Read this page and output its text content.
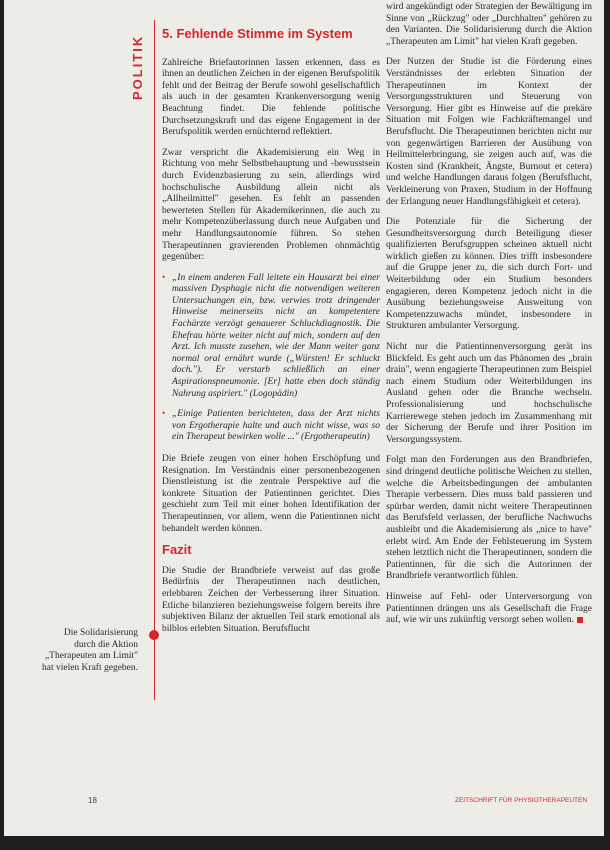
POLITIK
Die Solidarisierung durch die Aktion „Therapeuten am Limit" hat vielen Kraft gegeben.
5. Fehlende Stimme im System

Zahlreiche Briefautorinnen lassen erkennen, dass es ihnen an deutlichen Zeichen in der eigenen Berufspolitik fehlt und der Beitrag der Berufe sowohl gesellschaftlich als auch in der gesamten Krankenversorgung wenig Beachtung findet. Die fehlende politische Durchsetzungskraft und das eigene Engagement in der Berufspolitik werden ernüchternd reflektiert.

Zwar verspricht die Akademisierung ein Weg in Richtung von mehr Selbstbehauptung und -bewusstsein durch Evidenzbasierung zu sein, allerdings wird hochschulische Ausbildung allein nicht als „Allheilmittel" gesehen. Es fehlt an passenden bewerteten Stellen für Akademikerinnen, die auch zu mehr Kompetenzüberlassung durch neue Aufgaben und mehr Handlungsautonomie führen. So stehen Therapeutinnen gravierenden Problemen ohnmächtig gegenüber:

• „In einem anderen Fall leitete ein Hausarzt bei einer massiven Dysphagie nicht die notwendigen weiteren Untersuchungen ein, bzw. verwies trotz dringender Hinweise meinerseits nicht an kompetentere Fachärzte verzögt genauerer Schluckdiagnostik. Die Ehefrau hörte weiter nicht auf mich, sondern auf den Arzt. Ich musste zusehen, wie der Mann weiter ganz normal oral ernährt wurde („Würsten! Er schluckt doch."). Er verstarb schließlich an einer Aspirationspneumonie. [Er] hatte eben doch ständig Nahrung aspiriert." (Logopädin)
• „Einige Patienten berichteten, dass der Arzt nichts von Ergotherapie halte und auch nicht wisse, was so ein Therapeut bewirken wolle ..." (Ergotherapeutin)

Die Briefe zeugen von einer hohen Erschöpfung und Resignation. Im Verständnis einer personenbezogenen Dienstleistung ist die zentrale Perspektive auf die konkrete Situation der Patientinnen gerichtet. Dies geschieht zum Teil mit einer hohen Identifikation der Therapeutinnen, vor allem, wenn die Patientinnen nicht behandelt werden können.

Fazit

Die Studie der Brandbriefe verweist auf das große Bedürfnis der Therapeutinnen nach deutlichen, erlebbaren Zeichen der Verbesserung ihrer Situation. Etliche bilanzieren beziehungsweise folgern bereits ihre subjektiven Bilanz der aktuellen Teil stark emotional als bilblos erlebten Situation. Berufsflucht

wird angekündigt oder Strategien der Bewältigung im Sinne von „Rückzug" oder „Durchhalten" gehören zu den Varianten. Die Solidarisierung durch die Aktion „Therapeuten am Limit" hat vielen Kraft gegeben.

Der Nutzen der Studie ist die Förderung eines Verständnisses der erlebten Situation der Therapeutinnen im Kontext der Versorgungsstrukturen und Steuerung von Versorgung. Hier gibt es Hinweise auf die prekäre Situation mit Folgen wie Fachkräftemangel und Berufsflucht. Die Therapeutinnen berichten nicht nur von gegenwärtigen Barrieren der Ausübung von Heilmittelerbringung, sie zeigen auch auf, was die Kosten sind (Krankheit, Ängste, Burnout et cetera) und welche Handlungen daraus folgen (Berufsflucht, Verkleinerung von Praxen, Studium in der Hoffnung der Erlangung neuer Handlungsfähigkeit et cetera).

Die Potenziale für die Sicherung der Gesundheitsversorgung durch Beteiligung dieser qualifizierten Berufsgruppen scheinen aktuell nicht wirklich gießen zu können. Dies trifft insbesondere auf die Gruppe jener zu, die sich durch Fort- und Weiterbildung oder ein Studium besonders engagieren, deren Kompetenz jedoch nicht in die Ausübung beziehungsweise Ausweitung von Kompetenzzuwachs mündet, insbesondere in Strukturen ambulanter Versorgung.

Nicht nur die Patientinnenversorgung gerät ins Blickfeld. Es geht auch um das Phänomen des „brain drain", wenn engagierte Therapeutinnen zum Beispiel nach einem Studium oder Weiterbildungen ins Ausland gehen oder die Branche wechseln. Professionalisierung und hochschulische Karrierewege stehen jedoch im Zusammenhang mit der Sicherung der Berufe und ihrer Position im Versorgungssystem.

Folgt man den Forderungen aus den Brandbriefen, sind dringend deutliche politische Weichen zu stellen, welche die Arbeitsbedingungen der ambulanten Therapie verbessern. Dies muss bald passieren und spürbar werden, damit nicht weitere Therapeutinnen das Berufsfeld verlassen, der berufliche Nachwuchs ausbleibt und die Akademisierung als „nice to have" erlebt wird. Am Ende der Fehlsteuerung im System stehen letztlich nicht die Therapeutinnen, sondern die Patientinnen, für die sich die Autorinnen der Brandbriefe verantwortlich fühlen.

Hinweise auf Fehl- oder Unterversorgung von Patientinnen drängen uns als Gesellschaft die Frage auf, wie wir uns zukünftig versorgt sehen wollen.

18	ZEITSCHRIFT FÜR PHYSIOTHERAPEUTEN
